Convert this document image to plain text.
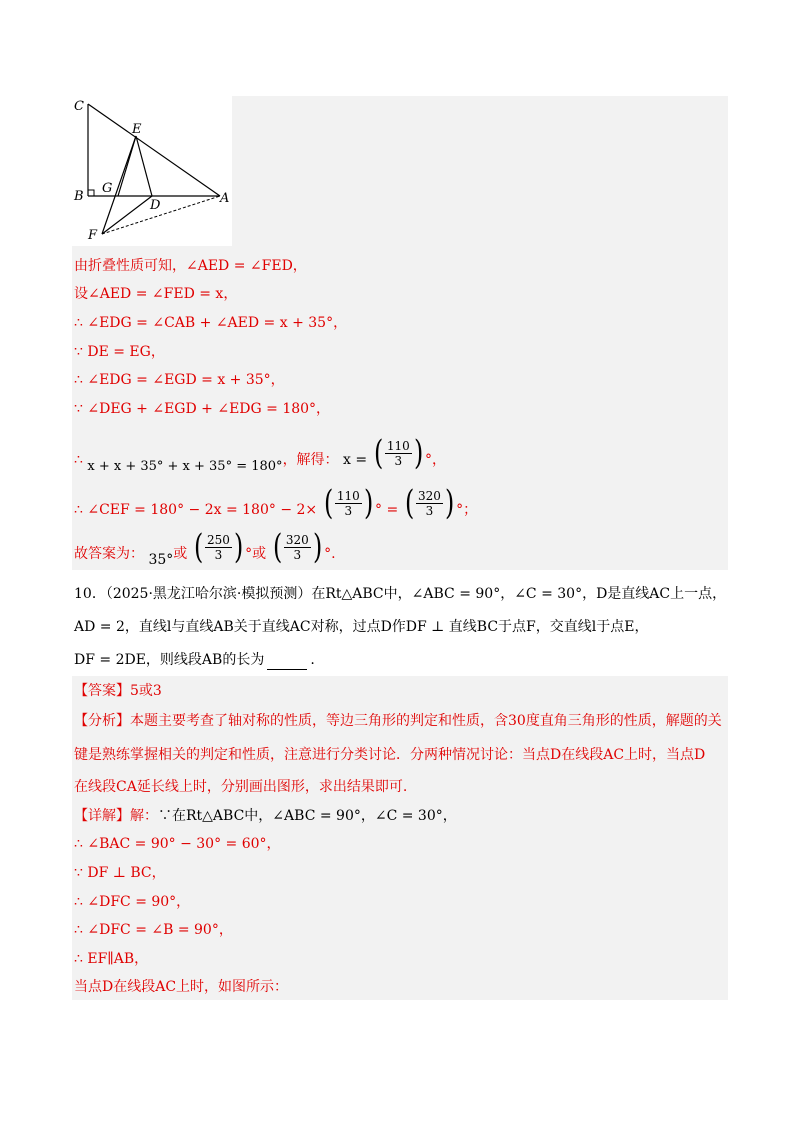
C
E
B
G
D	A
F
由折叠性质可知，∠AED = ∠FED，
设∠AED = ∠FED = x，
∴ ∠EDG = ∠CAB + ∠AED = x + 35°，
∵ DE = EG，
∴ ∠EDG = ∠EGD = x + 35°，
∵ ∠DEG + ∠EGD + ∠EDG = 180°，
∴ x + x + 35° + x + 35° = 180°，解得： x = ( $\frac{110}{3}$ ) °，
∴ ∠CEF = 180° − 2x = 180° − 2× ( $\frac{110}{3}$ ) ° = ( $\frac{320}{3}$ ) °；
故答案为： 35°或 ( $\frac{250}{3}$ ) °或 ( $\frac{320}{3}$ ) °.
10．（2025·黑龙江哈尔滨·模拟预测）在Rt△ABC中，∠ABC = 90°，∠C = 30°，D是直线AC上一点，
AD = 2，直线l与直线AB关于直线AC对称，过点D作DF ⊥ 直线BC于点F，交直线l于点E，
DF = 2DE，则线段AB的长为	.
【答案】5或3
【分析】本题主要考查了轴对称的性质，等边三角形的判定和性质，含30度直角三角形的性质，解题的关
键是熟练掌握相关的判定和性质，注意进行分类讨论．分两种情况讨论：当点D在线段AC上时，当点D
在线段CA延长线上时，分别画出图形，求出结果即可.
【详解】解：∵在Rt△ABC中，∠ABC = 90°，∠C = 30°，
∴ ∠BAC = 90° − 30° = 60°，
∵ DF ⊥ BC，
∴ ∠DFC = 90°，
∴ ∠DFC = ∠B = 90°，
∴ EF∥AB，
当点D在线段AC上时，如图所示：
